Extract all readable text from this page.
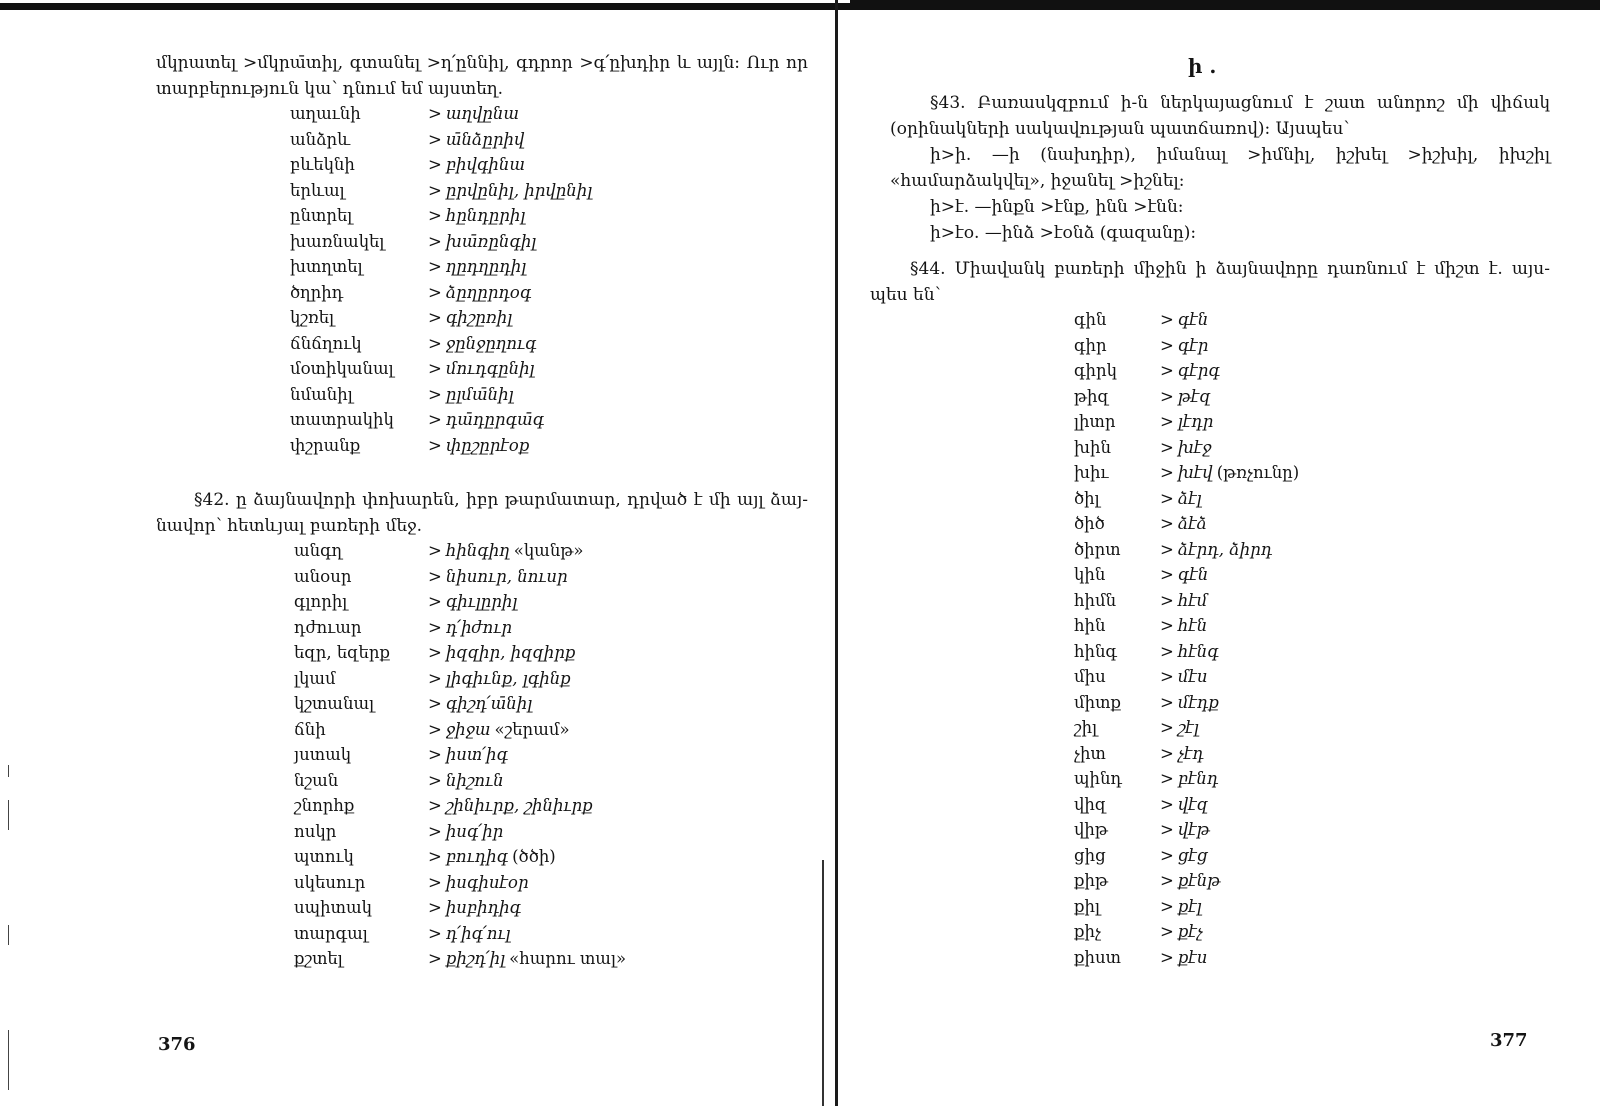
մկրատել >մկրա̄տիլ, գտանել >ղ՛ըննիլ, գդրոր >գ՛ըխդիր և այլն: Ուր որ
տարբերություն կա՝ դնում եմ այստեղ.
աղաւնի	> աղվընա
անձրև	> ա̄նձըրիվ
բևեկնի	> բիվգինա
երևալ	> ըրվընիլ, իրվընիլ
ընտրել	> հընդըրիլ
խառնակել	> խա̄ռընգիլ
խտղտել	> ղըդղըդիլ
ծղրիդ	> ձըղըրդօգ
կշռել	> գիշըռիլ
ճնճղուկ	> ջընջըղուգ
մօտիկանալ	> մուդգընիլ
նմանիլ	> ըլմա̄նիլ
տատրակիկ	> դա̄դըրգա̄գ
փշրանք	> փըշըրէօք
§42. ը ձայնավորի փոխարեն, իբր թարմատար, դրված է մի այլ ձայ-
նավոր՝ հետևյալ բառերի մեջ.
անգղ	> հինգիղ «կանթ»
անօսր	> նիսուր, նուսր
գլորիլ	> գիւլըրիլ
դժուար	> դ՛իժուր
եզր, եզերք	> իզզիր, իզզիրք
լկամ	> լիգիւնք, լգինք
կշտանալ	> գիշդ՛ա̄նիլ
ճնի	> ջիջա «շերամ»
յստակ	> իստ՛իգ
նշան	> նիշուն
շնորհք	> շինիւրք, շինիւրք
ոսկր	> իսգ՛իր
պտուկ	> բուդիգ (ծծի)
սկեսուր	> իսգիսէօր
սպիտակ	> իսբիդիգ
տարգալ	> դ՛իգ՛ուլ
քշտել	> քիշդ՛իլ «հարու տալ»
376
ի .
§43. Բառասկզբում ի-ն ներկայացնում է շատ անորոշ մի վիճակ
(օրինակների սակավության պատճառով): Այսպես՝
ի>ի. —ի (նախդիր), իմանալ >իմնիլ, իշխել >իշխիլ, իխշիլ
«համարձակվել», իջանել >իշնել:
ի>է. —ինքն >էնք, ինն >էնն:
ի>էօ. —ինձ >էօնձ (գազանը):
§44. Միավանկ բառերի միջին ի ձայնավորը դառնում է միշտ է. այս-
պես են՝
գին	> գէն
գիր	> գէր
գիրկ	> գէրգ
թիզ	> թէզ
լիտր	> լէդր
խին	> խէջ
խիւ	> խէվ (թռչունը)
ծիլ	> ձէլ
ծիծ	> ձէձ
ծիրտ	> ձէրդ, ձիրդ
կին	> գէն
հիմն	> հէմ
հին	> հէն
հինգ	> հէնգ
միս	> մէս
միտք	> մէդք
շիլ	> շէլ
չիտ	> չէդ
պինդ	> բէնդ
վիզ	> վէզ
վիթ	> վէթ
ցից	> ցէց
քիթ	> քէնթ
քիլ	> քէլ
քիչ	> քէչ
քիստ	> քէս
377
